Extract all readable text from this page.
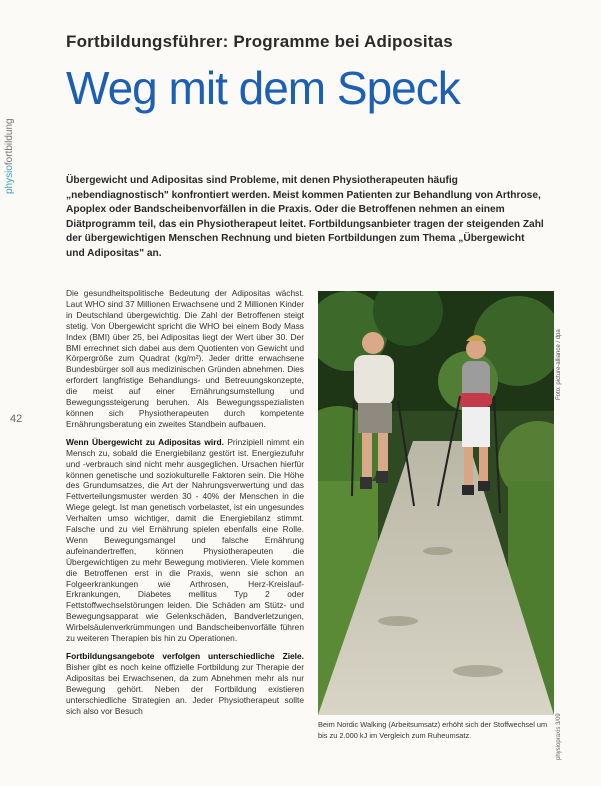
Fortbildungsführer: Programme bei Adipositas
Weg mit dem Speck
physiofortbildung
42
Übergewicht und Adipositas sind Probleme, mit denen Physiotherapeuten häufig „nebendiagnostisch" konfrontiert werden. Meist kommen Patienten zur Behandlung von Arthrose, Apoplex oder Bandscheibenvorfällen in die Praxis. Oder die Betroffenen nehmen an einem Diätprogramm teil, das ein Physiotherapeut leitet. Fortbildungsanbieter tragen der steigenden Zahl der übergewichtigen Menschen Rechnung und bieten Fortbildungen zum Thema „Übergewicht und Adipositas" an.

Die gesundheitspolitische Bedeutung der Adipositas wächst. Laut WHO sind 37 Millionen Erwachsene und 2 Millionen Kinder in Deutschland übergewichtig. Die Zahl der Betroffenen steigt stetig. Von Übergewicht spricht die WHO bei einem Body Mass Index (BMI) über 25, bei Adipositas liegt der Wert über 30. Der BMI errechnet sich dabei aus dem Quotienten von Gewicht und Körpergröße zum Quadrat (kg/m²). Jeder dritte erwachsene Bundesbürger soll aus medizinischen Gründen abnehmen. Dies erfordert langfristige Behandlungs- und Betreuungskonzepte, die meist auf einer Ernährungsumstellung und Bewegungssteigerung beruhen. Als Bewegungsspezialisten können sich Physiotherapeuten durch kompetente Ernährungsberatung ein zweites Standbein aufbauen.

Wenn Übergewicht zu Adipositas wird. Prinzipiell nimmt ein Mensch zu, sobald die Energiebilanz gestört ist. Energiezufuhr und -verbrauch sind nicht mehr ausgeglichen. Ursachen hierfür können genetische und soziokulturelle Faktoren sein. Die Höhe des Grundumsatzes, die Art der Nahrungsverwertung und das Fettverteilungsmuster werden 30 - 40% der Menschen in die Wiege gelegt. Ist man genetisch vorbelastet, ist ein ungesundes Verhalten umso wichtiger, damit die Energiebilanz stimmt. Falsche und zu viel Ernährung spielen ebenfalls eine Rolle. Wenn Bewegungsmangel und falsche Ernährung aufeinandertreffen, können Physiotherapeuten die Übergewichtigen zu mehr Bewegung motivieren. Viele kommen die Betroffenen erst in die Praxis, wenn sie schon an Folgeerkrankungen wie Arthrosen, Herz-Kreislauf-Erkrankungen, Diabetes mellitus Typ 2 oder Fettstoffwechselstörungen leiden. Die Schäden am Stütz- und Bewegungsapparat wie Gelenkschäden, Bandverletzungen, Wirbelsäulenverkrümmungen und Bandscheibenvorfälle führen zu weiteren Therapien bis hin zu Operationen.

Fortbildungsangebote verfolgen unterschiedliche Ziele. Bisher gibt es noch keine offizielle Fortbildung zur Therapie der Adipositas bei Erwachsenen, da zum Abnehmen mehr als nur Bewegung gehört. Neben der Fortbildung existieren unterschiedliche Strategien an. Jeder Physiotherapeut sollte sich also vor Besuch

Foto: picture-alliance / dpa
Beim Nordic Walking (Arbeitsumsatz) erhöht sich der Stoffwechsel um bis zu 2.000 kJ im Vergleich zum Ruheumsatz.	physiopraxis 3/09
